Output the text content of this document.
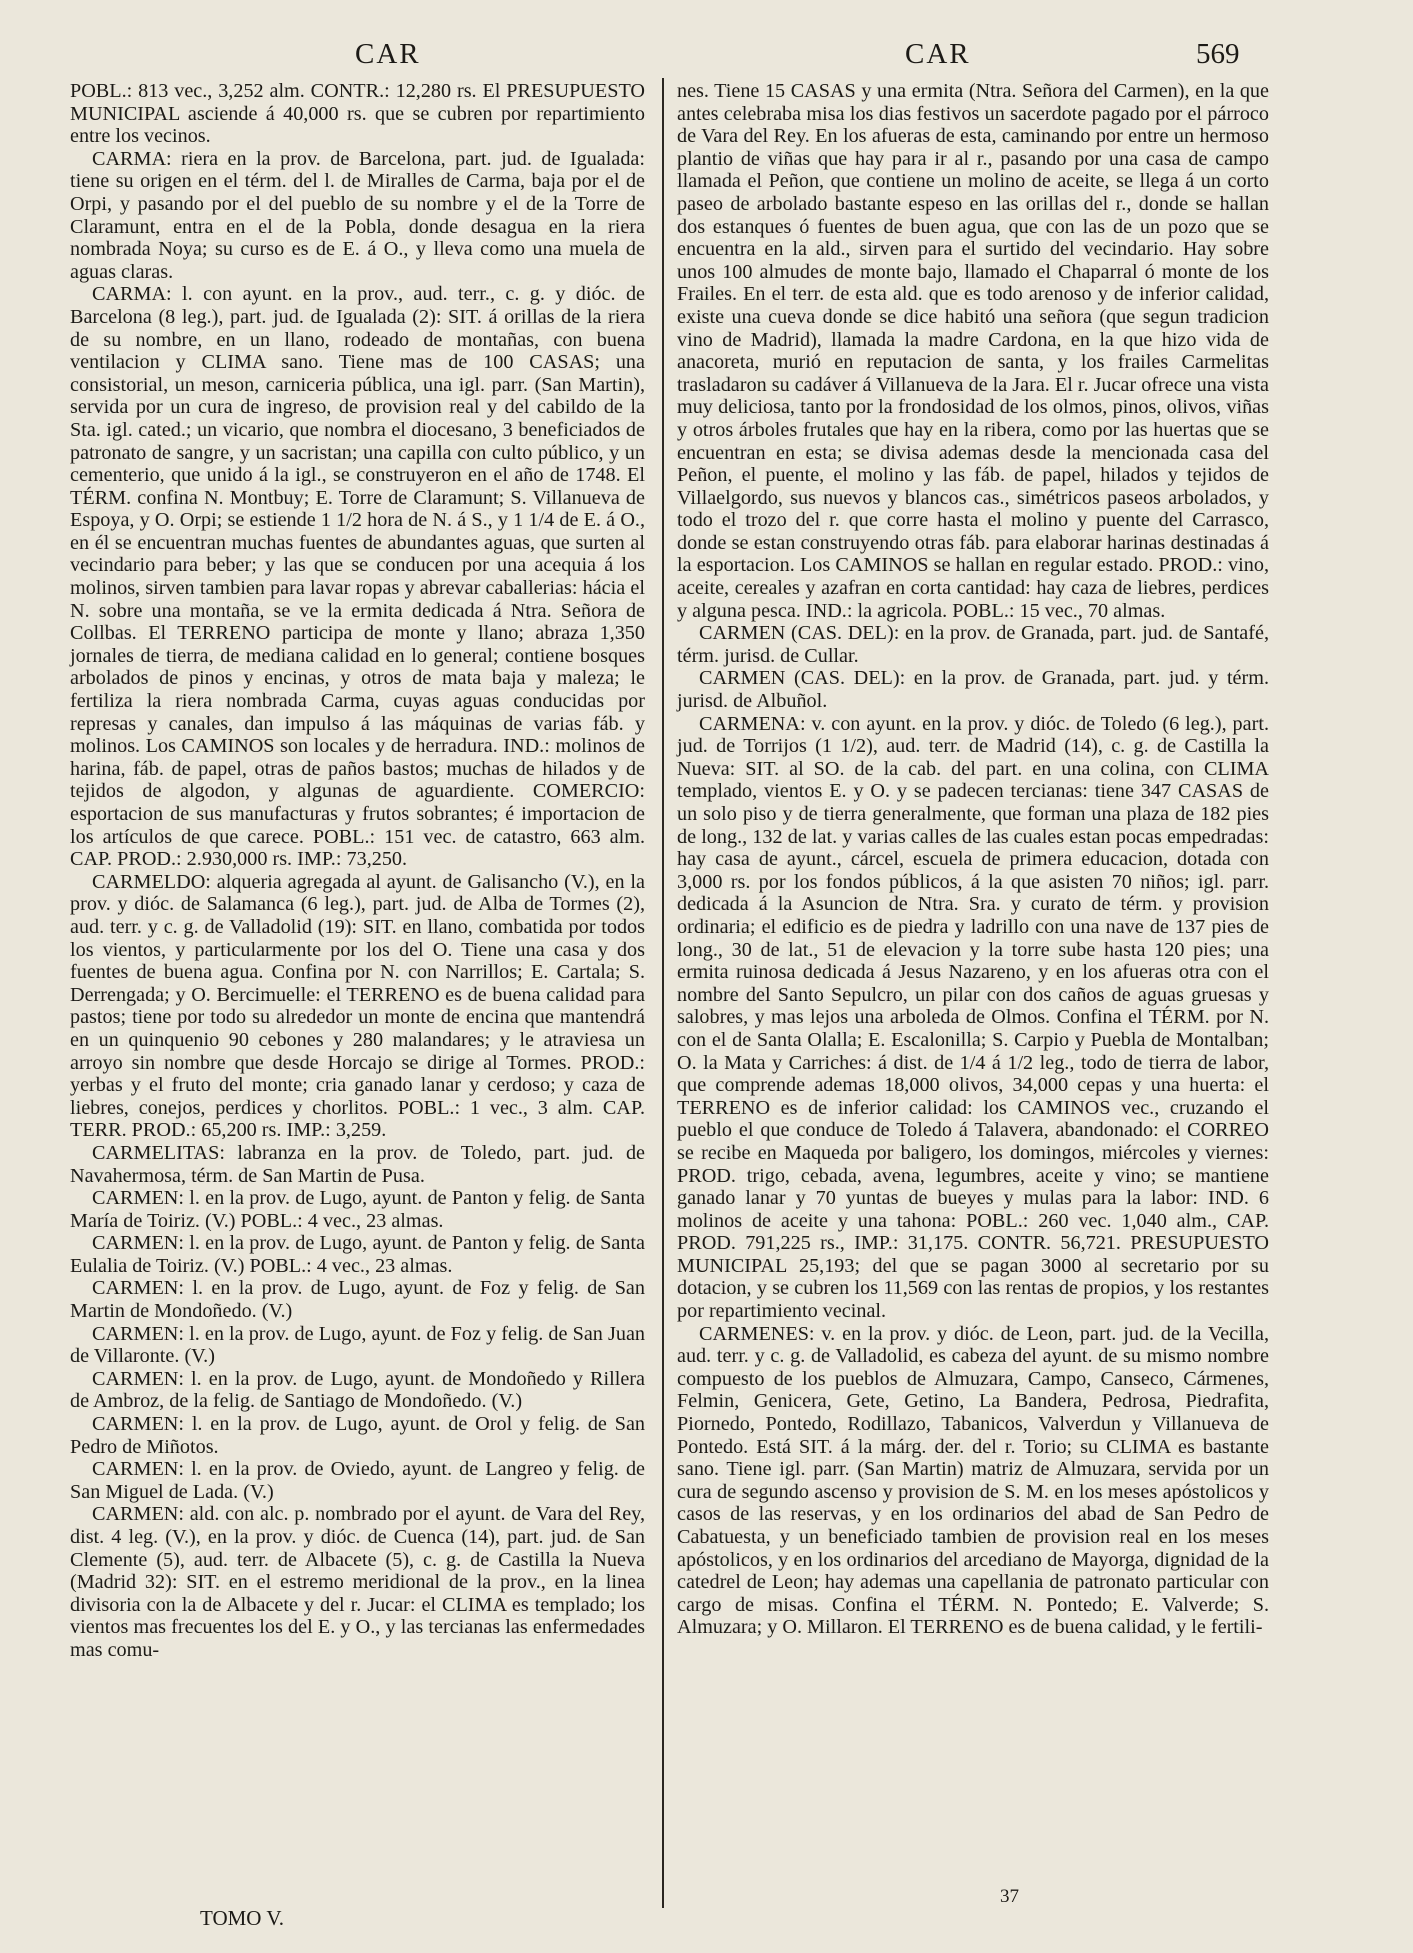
CAR	CAR	569

POBL.: 813 vec., 3,252 alm. CONTR.: 12,280 rs. El PRESUPUESTO MUNICIPAL asciende á 40,000 rs. que se cubren por repartimiento entre los vecinos.

CARMA: riera en la prov. de Barcelona, part. jud. de Igualada: tiene su origen en el térm. del l. de Miralles de Carma, baja por el de Orpi, y pasando por el del pueblo de su nombre y el de la Torre de Claramunt, entra en el de la Pobla, donde desagua en la riera nombrada Noya; su curso es de E. á O., y lleva como una muela de aguas claras.

CARMA: l. con ayunt. en la prov., aud. terr., c. g. y dióc. de Barcelona (8 leg.), part. jud. de Igualada (2): SIT. á orillas de la riera de su nombre, en un llano, rodeado de montañas, con buena ventilacion y CLIMA sano. Tiene mas de 100 CASAS; una consistorial, un meson, carniceria pública, una igl. parr. (San Martin), servida por un cura de ingreso, de provision real y del cabildo de la Sta. igl. cated.; un vicario, que nombra el diocesano, 3 beneficiados de patronato de sangre, y un sacristan; una capilla con culto público, y un cementerio, que unido á la igl., se construyeron en el año de 1748. El TÉRM. confina N. Montbuy; E. Torre de Claramunt; S. Villanueva de Espoya, y O. Orpi; se estiende 1 1/2 hora de N. á S., y 1 1/4 de E. á O., en él se encuentran muchas fuentes de abundantes aguas, que surten al vecindario para beber; y las que se conducen por una acequia á los molinos, sirven tambien para lavar ropas y abrevar caballerias: hácia el N. sobre una montaña, se ve la ermita dedicada á Ntra. Señora de Collbas. El TERRENO participa de monte y llano; abraza 1,350 jornales de tierra, de mediana calidad en lo general; contiene bosques arbolados de pinos y encinas, y otros de mata baja y maleza; le fertiliza la riera nombrada Carma, cuyas aguas conducidas por represas y canales, dan impulso á las máquinas de varias fáb. y molinos. Los CAMINOS son locales y de herradura. IND.: molinos de harina, fáb. de papel, otras de paños bastos; muchas de hilados y de tejidos de algodon, y algunas de aguardiente. COMERCIO: esportacion de sus manufacturas y frutos sobrantes; é importacion de los artículos de que carece. POBL.: 151 vec. de catastro, 663 alm. CAP. PROD.: 2.930,000 rs. IMP.: 73,250.

CARMELDO: alqueria agregada al ayunt. de Galisancho (V.), en la prov. y dióc. de Salamanca (6 leg.), part. jud. de Alba de Tormes (2), aud. terr. y c. g. de Valladolid (19): SIT. en llano, combatida por todos los vientos, y particularmente por los del O. Tiene una casa y dos fuentes de buena agua. Confina por N. con Narrillos; E. Cartala; S. Derrengada; y O. Bercimuelle: el TERRENO es de buena calidad para pastos; tiene por todo su alrededor un monte de encina que mantendrá en un quinquenio 90 cebones y 280 malandares; y le atraviesa un arroyo sin nombre que desde Horcajo se dirige al Tormes. PROD.: yerbas y el fruto del monte; cria ganado lanar y cerdoso; y caza de liebres, conejos, perdices y chorlitos. POBL.: 1 vec., 3 alm. CAP. TERR. PROD.: 65,200 rs. IMP.: 3,259.

CARMELITAS: labranza en la prov. de Toledo, part. jud. de Navahermosa, térm. de San Martin de Pusa.

CARMEN: l. en la prov. de Lugo, ayunt. de Panton y felig. de Santa María de Toiriz. (V.) POBL.: 4 vec., 23 almas.

CARMEN: l. en la prov. de Lugo, ayunt. de Panton y felig. de Santa Eulalia de Toiriz. (V.) POBL.: 4 vec., 23 almas.

CARMEN: l. en la prov. de Lugo, ayunt. de Foz y felig. de San Martin de Mondoñedo. (V.)

CARMEN: l. en la prov. de Lugo, ayunt. de Foz y felig. de San Juan de Villaronte. (V.)

CARMEN: l. en la prov. de Lugo, ayunt. de Mondoñedo y Rillera de Ambroz, de la felig. de Santiago de Mondoñedo. (V.)

CARMEN: l. en la prov. de Lugo, ayunt. de Orol y felig. de San Pedro de Miñotos.

CARMEN: l. en la prov. de Oviedo, ayunt. de Langreo y felig. de San Miguel de Lada. (V.)

CARMEN: ald. con alc. p. nombrado por el ayunt. de Vara del Rey, dist. 4 leg. (V.), en la prov. y dióc. de Cuenca (14), part. jud. de San Clemente (5), aud. terr. de Albacete (5), c. g. de Castilla la Nueva (Madrid 32): SIT. en el estremo meridional de la prov., en la linea divisoria con la de Albacete y del r. Jucar: el CLIMA es templado; los vientos mas frecuentes los del E. y O., y las tercianas las enfermedades mas comu-

nes. Tiene 15 CASAS y una ermita (Ntra. Señora del Carmen), en la que antes celebraba misa los dias festivos un sacerdote pagado por el párroco de Vara del Rey. En los afueras de esta, caminando por entre un hermoso plantio de viñas que hay para ir al r., pasando por una casa de campo llamada el Peñon, que contiene un molino de aceite, se llega á un corto paseo de arbolado bastante espeso en las orillas del r., donde se hallan dos estanques ó fuentes de buen agua, que con las de un pozo que se encuentra en la ald., sirven para el surtido del vecindario. Hay sobre unos 100 almudes de monte bajo, llamado el Chaparral ó monte de los Frailes. En el terr. de esta ald. que es todo arenoso y de inferior calidad, existe una cueva donde se dice habitó una señora (que segun tradicion vino de Madrid), llamada la madre Cardona, en la que hizo vida de anacoreta, murió en reputacion de santa, y los frailes Carmelitas trasladaron su cadáver á Villanueva de la Jara. El r. Jucar ofrece una vista muy deliciosa, tanto por la frondosidad de los olmos, pinos, olivos, viñas y otros árboles frutales que hay en la ribera, como por las huertas que se encuentran en esta; se divisa ademas desde la mencionada casa del Peñon, el puente, el molino y las fáb. de papel, hilados y tejidos de Villaelgordo, sus nuevos y blancos cas., simétricos paseos arbolados, y todo el trozo del r. que corre hasta el molino y puente del Carrasco, donde se estan construyendo otras fáb. para elaborar harinas destinadas á la esportacion. Los CAMINOS se hallan en regular estado. PROD.: vino, aceite, cereales y azafran en corta cantidad: hay caza de liebres, perdices y alguna pesca. IND.: la agricola. POBL.: 15 vec., 70 almas.

CARMEN (CAS. DEL): en la prov. de Granada, part. jud. de Santafé, térm. jurisd. de Cullar.

CARMEN (CAS. DEL): en la prov. de Granada, part. jud. y térm. jurisd. de Albuñol.

CARMENA: v. con ayunt. en la prov. y dióc. de Toledo (6 leg.), part. jud. de Torrijos (1 1/2), aud. terr. de Madrid (14), c. g. de Castilla la Nueva: SIT. al SO. de la cab. del part. en una colina, con CLIMA templado, vientos E. y O. y se padecen tercianas: tiene 347 CASAS de un solo piso y de tierra generalmente, que forman una plaza de 182 pies de long., 132 de lat. y varias calles de las cuales estan pocas empedradas: hay casa de ayunt., cárcel, escuela de primera educacion, dotada con 3,000 rs. por los fondos públicos, á la que asisten 70 niños; igl. parr. dedicada á la Asuncion de Ntra. Sra. y curato de térm. y provision ordinaria; el edificio es de piedra y ladrillo con una nave de 137 pies de long., 30 de lat., 51 de elevacion y la torre sube hasta 120 pies; una ermita ruinosa dedicada á Jesus Nazareno, y en los afueras otra con el nombre del Santo Sepulcro, un pilar con dos caños de aguas gruesas y salobres, y mas lejos una arboleda de Olmos. Confina el TÉRM. por N. con el de Santa Olalla; E. Escalonilla; S. Carpio y Puebla de Montalban; O. la Mata y Carriches: á dist. de 1/4 á 1/2 leg., todo de tierra de labor, que comprende ademas 18,000 olivos, 34,000 cepas y una huerta: el TERRENO es de inferior calidad: los CAMINOS vec., cruzando el pueblo el que conduce de Toledo á Talavera, abandonado: el CORREO se recibe en Maqueda por baligero, los domingos, miércoles y viernes: PROD. trigo, cebada, avena, legumbres, aceite y vino; se mantiene ganado lanar y 70 yuntas de bueyes y mulas para la labor: IND. 6 molinos de aceite y una tahona: POBL.: 260 vec. 1,040 alm., CAP. PROD. 791,225 rs., IMP.: 31,175. CONTR. 56,721. PRESUPUESTO MUNICIPAL 25,193; del que se pagan 3000 al secretario por su dotacion, y se cubren los 11,569 con las rentas de propios, y los restantes por repartimiento vecinal.

CARMENES: v. en la prov. y dióc. de Leon, part. jud. de la Vecilla, aud. terr. y c. g. de Valladolid, es cabeza del ayunt. de su mismo nombre compuesto de los pueblos de Almuzara, Campo, Canseco, Cármenes, Felmin, Genicera, Gete, Getino, La Bandera, Pedrosa, Piedrafita, Piornedo, Pontedo, Rodillazo, Tabanicos, Valverdun y Villanueva de Pontedo. Está SIT. á la márg. der. del r. Torio; su CLIMA es bastante sano. Tiene igl. parr. (San Martin) matriz de Almuzara, servida por un cura de segundo ascenso y provision de S. M. en los meses apóstolicos y casos de las reservas, y en los ordinarios del abad de San Pedro de Cabatuesta, y un beneficiado tambien de provision real en los meses apóstolicos, y en los ordinarios del arcediano de Mayorga, dignidad de la catedrel de Leon; hay ademas una capellania de patronato particular con cargo de misas. Confina el TÉRM. N. Pontedo; E. Valverde; S. Almuzara; y O. Millaron. El TERRENO es de buena calidad, y le fertili-

TOMO V.
37
